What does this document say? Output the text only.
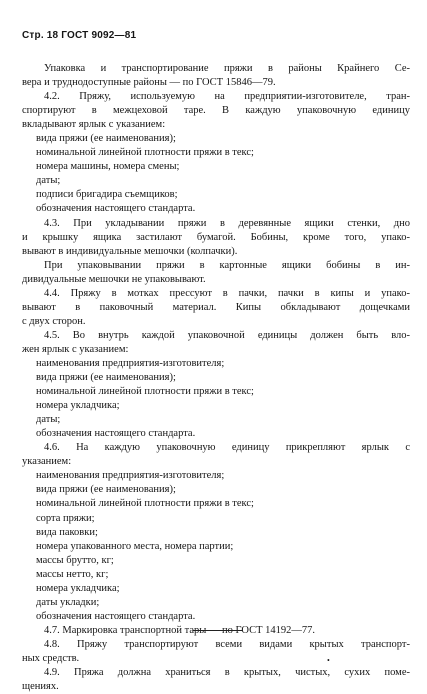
Стр. 18 ГОСТ 9092—81
Упаковка и транспортирование пряжи в районы Крайнего Се-
вера и труднодоступные районы — по ГОСТ 15846—79.
4.2. Пряжу, используемую на предприятии-изготовителе, тран-
спортируют в межцеховой таре. В каждую упаковочную единицу
вкладывают ярлык с указанием:
вида пряжи (ее наименования);
номинальной линейной плотности пряжи в текс;
номера машины, номера смены;
даты;
подписи бригадира съемщиков;
обозначения настоящего стандарта.
4.3. При укладывании пряжи в деревянные ящики стенки, дно
и крышку ящика застилают бумагой. Бобины, кроме того, упако-
вывают в индивидуальные мешочки (колпачки).
При упаковывании пряжи в картонные ящики бобины в ин-
дивидуальные мешочки не упаковывают.
4.4. Пряжу в мотках прессуют в пачки, пачки в кипы и упако-
вывают в паковочный материал. Кипы обкладывают дощечками
с двух сторон.
4.5. Во внутрь каждой упаковочной единицы должен быть вло-
жен ярлык с указанием:
наименования предприятия-изготовителя;
вида пряжи (ее наименования);
номинальной линейной плотности пряжи в текс;
номера укладчика;
даты;
обозначения настоящего стандарта.
4.6. На каждую упаковочную единицу прикрепляют ярлык с
указанием:
наименования предприятия-изготовителя;
вида пряжи (ее наименования);
номинальной линейной плотности пряжи в текс;
сорта пряжи;
вида паковки;
номера упакованного места, номера партии;
массы брутто, кг;
массы нетто, кг;
номера укладчика;
даты укладки;
обозначения настоящего стандарта.
4.7. Маркировка транспортной тары — по ГОСТ 14192—77.
4.8. Пряжу транспортируют всеми видами крытых транспорт-
ных средств.
4.9. Пряжа должна храниться в крытых, чистых, сухих поме-
щениях.
•
